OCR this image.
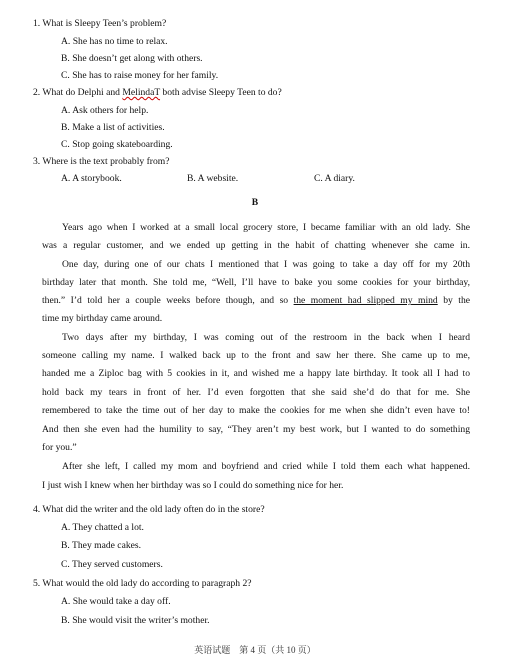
1. What is Sleepy Teen’s problem?
A. She has no time to relax.
B. She doesn’t get along with others.
C. She has to raise money for her family.
2. What do Delphi and MelindaT both advise Sleepy Teen to do?
A. Ask others for help.
B. Make a list of activities.
C. Stop going skateboarding.
3. Where is the text probably from?
A. A storybook.	B. A website.	C. A diary.
B
Years ago when I worked at a small local grocery store, I became familiar with an old lady. She
was a regular customer, and we ended up getting in the habit of chatting whenever she came in.
One day, during one of our chats I mentioned that I was going to take a day off for my 20th
birthday later that month. She told me, “Well, I’ll have to bake you some cookies for your birthday,
then.” I’d told her a couple weeks before though, and so the moment had slipped my mind by the
time my birthday came around.
Two days after my birthday, I was coming out of the restroom in the back when I heard
someone calling my name. I walked back up to the front and saw her there. She came up to me,
handed me a Ziploc bag with 5 cookies in it, and wished me a happy late birthday. It took all I had to
hold back my tears in front of her. I’d even forgotten that she said she’d do that for me. She
remembered to take the time out of her day to make the cookies for me when she didn’t even have to!
And then she even had the humility to say, “They aren’t my best work, but I wanted to do something
for you.”
After she left, I called my mom and boyfriend and cried while I told them each what happened.
I just wish I knew when her birthday was so I could do something nice for her.
4. What did the writer and the old lady often do in the store?
A. They chatted a lot.
B. They made cakes.
C. They served customers.
5. What would the old lady do according to paragraph 2?
A. She would take a day off.
B. She would visit the writer’s mother.
英语试题　第 4 页（共 10 页）
